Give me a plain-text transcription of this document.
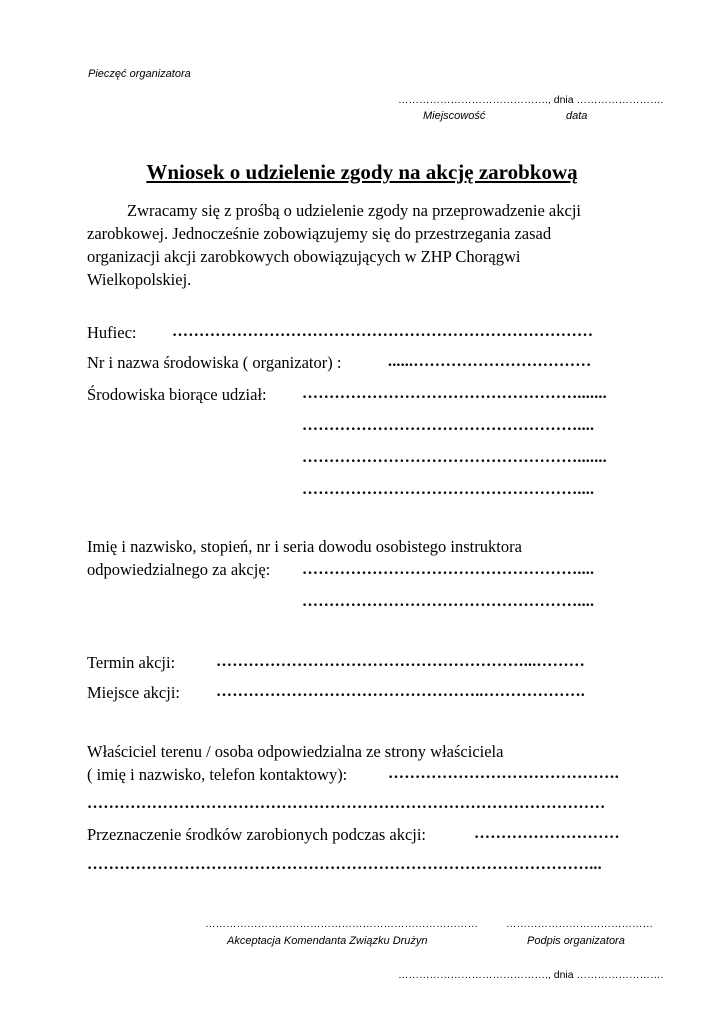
Pieczęć organizatora
……………………………………., dnia …………………….
Miejscowość	data
Wniosek o udzielenie zgody na akcję zarobkową
Zwracamy się z prośbą o udzielenie zgody na przeprowadzenie akcji zarobkowej. Jednocześnie zobowiązujemy się do przestrzegania zasad organizacji akcji zarobkowych obowiązujących w ZHP Chorągwi Wielkopolskiej.
Hufiec: ……………………………………………………………………
Nr i nazwa środowiska ( organizator) :	......……………………………
Środowiska biorące udział: …………………………………………….......
……………………………………………....
…………………………………………….......
……………………………………………....
Imię i nazwisko, stopień, nr i seria dowodu osobistego instruktora
odpowiedzialnego za akcję: ……………………………………………....
……………………………………………....
Termin akcji:	…………………………………………………...………
Miejsce akcji: …………………………………………..……………….
Właściciel terenu / osoba odpowiedzialna ze strony właściciela
( imię i nazwisko, telefon kontaktowy):	…………………………………….
……………………………………………………………………………………
Przeznaczenie środków zarobionych podczas akcji:	………………………
…………………………………………………………………………………...
……………………………………………………………………
Akceptacja Komendanta Związku Drużyn
……………………………………
Podpis organizatora
……………………………………., dnia …………………….
